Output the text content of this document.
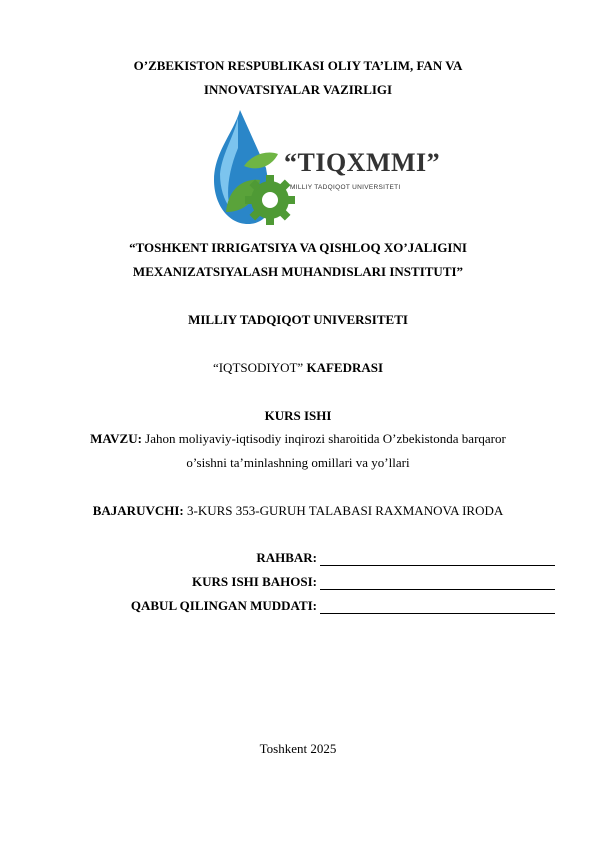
O’ZBEKISTON RESPUBLIKASI OLIY TA’LIM, FAN VA
INNOVATSIYALAR VAZIRLIGI
“TIQXMMI”
MILLIY TADQIQOT UNIVERSITETI
“TOSHKENT IRRIGATSIYA VA QISHLOQ XO’JALIGINI
MEXANIZATSIYALASH MUHANDISLARI INSTITUTI”
MILLIY TADQIQOT UNIVERSITETI
“IQTSODIYOT” KAFEDRASI
KURS ISHI
MAVZU: Jahon moliyaviy-iqtisodiy inqirozi sharoitida O’zbekistonda barqaror
o’sishni ta’minlashning omillari va yo’llari
BAJARUVCHI: 3-KURS 353-GURUH TALABASI RAXMANOVA IRODA
RAHBAR:
KURS ISHI BAHOSI:
QABUL QILINGAN MUDDATI:
Toshkent 2025
